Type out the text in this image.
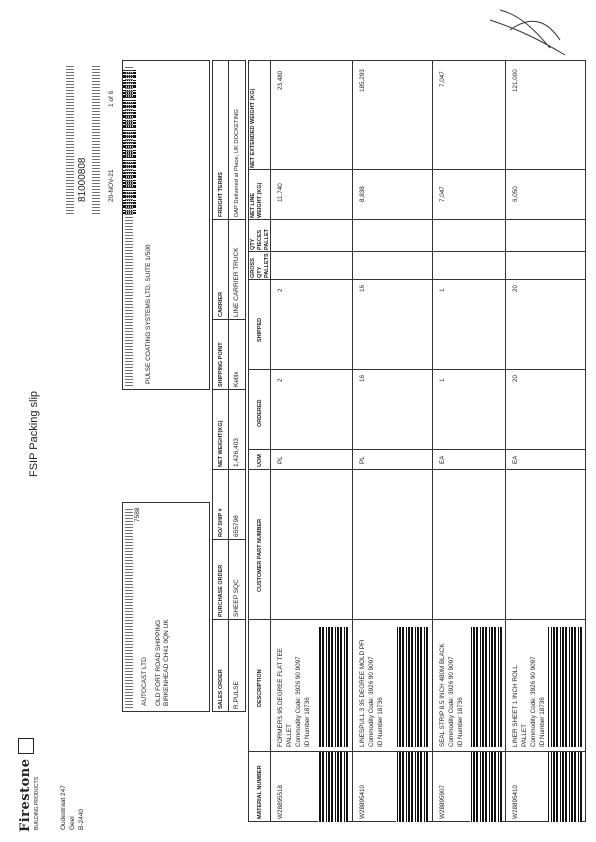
Firestone BUILDING PRODUCTS	Oudestraat 247 Geel B-2440
FSIP Packing slip
81000808	20-NOV-21
1 of 6
7588
AUTOCAST LTD OLD FORT ROAD SHIPPING BIRKENHEAD CH41 0QN UK
PULSE COATING SYSTEMS LTD, SUITE 1/500
SALES ORDER
PURCHASE ORDER
RO/ SHIP #
NET WEIGHT(KG)
SHIPPING POINT
CARRIER
FREIGHT TERMS
R.PULSE
SHEEP SQC
655798
1,426,403
Kellix
LINE CARRIER TRUCK
DAP Delivered at Place, UK DOCKETING
MATERIAL NUMBER
DESCRIPTION
CUSTOMER PART NUMBER
UOM
ORDERED
SHIPPED
GROSS QTY PALLETS
QTY PIECES PALLET
NET LINE WEIGHT (KG)
NET EXTENDED WEIGHT (KG)
W28895518
FORMERS 95 DEGREE FLAT TEE PALLET Commodity Code: 3926 90 9097 ID Number 18736
PL
2
2
11,740
23,480
W28895410
LINESPULL 3 35 DEGREE MOLD PFI Commodity Code: 3926 90 9097 ID Number 18736
PL
16
16
8,838
185,293
W28895907
SEAL STRIP 8.5 INCH 480M BLACK Commodity Code: 3926 90 9097 ID Number 18736
EA
1
1
7,047
7,047
W28895410
LINER SHEET 1 INCH ROLL PALLET Commodity Code: 3926 90 9097 ID Number 18736
EA
20
20
6,050
121,000
